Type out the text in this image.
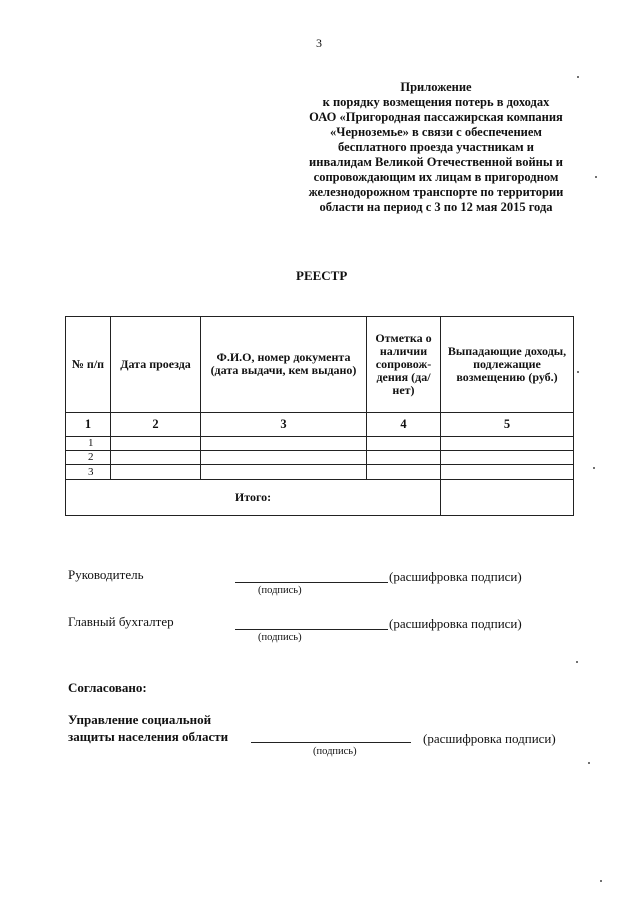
3
Приложение
к порядку возмещения потерь в доходах
ОАО «Пригородная пассажирская компания
«Черноземье» в связи с обеспечением
бесплатного проезда участникам и
инвалидам Великой Отечественной войны и
сопровождающим их лицам в пригородном
железнодорожном транспорте по территории
области на период с 3 по 12 мая 2015 года
РЕЕСТР
№ п/п	Дата проезда	Ф.И.О, номер документа (дата выдачи, кем выдано)	Отметка о наличии сопровож-дения (да/нет)	Выпадающие доходы, подлежащие возмещению (руб.)
1	2	3	4	5
1				
2				
3				
Итого:				
Руководитель	(расшифровка подписи)
(подпись)
Главный бухгалтер	(расшифровка подписи)
(подпись)
Согласовано:
Управление социальной
защиты населения области	(расшифровка подписи)
(подпись)
